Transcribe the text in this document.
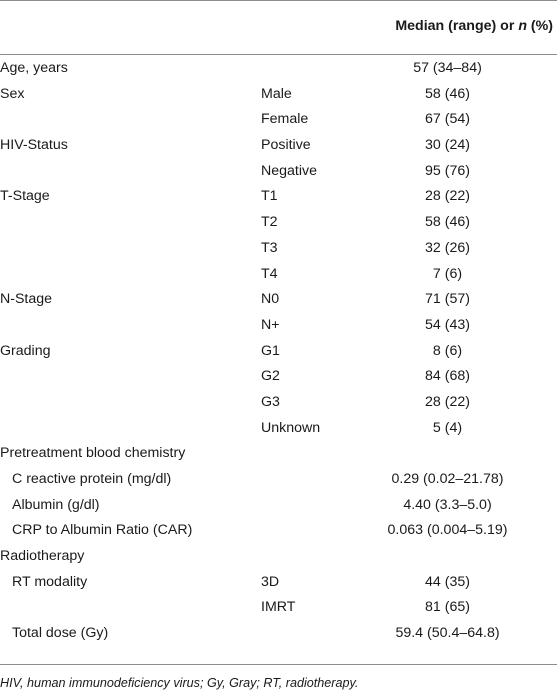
Median (range) or n (%)
Age, years	57 (34–84)
Sex	Male	58 (46)
Female	67 (54)
HIV-Status	Positive	30 (24)
Negative	95 (76)
T-Stage	T1	28 (22)
T2	58 (46)
T3	32 (26)
T4	7 (6)
N-Stage	N0	71 (57)
N+	54 (43)
Grading	G1	8 (6)
G2	84 (68)
G3	28 (22)
Unknown	5 (4)
Pretreatment blood chemistry
C reactive protein (mg/dl)	0.29 (0.02–21.78)
Albumin (g/dl)	4.40 (3.3–5.0)
CRP to Albumin Ratio (CAR)	0.063 (0.004–5.19)
Radiotherapy
RT modality	3D	44 (35)
IMRT	81 (65)
Total dose (Gy)	59.4 (50.4–64.8)
HIV, human immunodeficiency virus; Gy, Gray; RT, radiotherapy.
